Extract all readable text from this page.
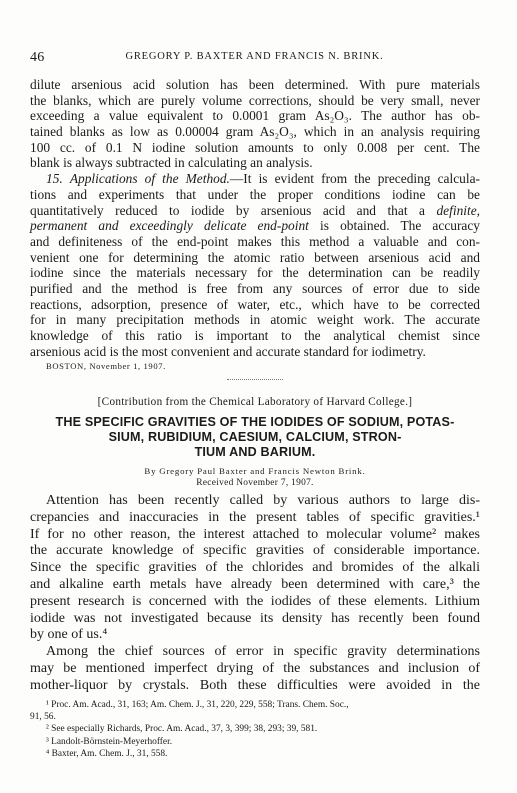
46	GREGORY P. BAXTER AND FRANCIS N. BRINK.
dilute arsenious acid solution has been determined. With pure materials
the blanks, which are purely volume corrections, should be very small, never
exceeding a value equivalent to 0.0001 gram As₂O₃. The author has ob-
tained blanks as low as 0.00004 gram As₂O₃, which in an analysis requiring
100 cc. of 0.1 N iodine solution amounts to only 0.008 per cent. The
blank is always subtracted in calculating an analysis.
15. Applications of the Method.—It is evident from the preceding calcula-
tions and experiments that under the proper conditions iodine can be
quantitatively reduced to iodide by arsenious acid and that a definite,
permanent and exceedingly delicate end-point is obtained. The accuracy
and definiteness of the end-point makes this method a valuable and con-
venient one for determining the atomic ratio between arsenious acid and
iodine since the materials necessary for the determination can be readily
purified and the method is free from any sources of error due to side
reactions, adsorption, presence of water, etc., which have to be corrected
for in many precipitation methods in atomic weight work. The accurate
knowledge of this ratio is important to the analytical chemist since
arsenious acid is the most convenient and accurate standard for iodimetry.
BOSTON, November 1, 1907.
[Contribution from the Chemical Laboratory of Harvard College.]
THE SPECIFIC GRAVITIES OF THE IODIDES OF SODIUM, POTAS-
SIUM, RUBIDIUM, CAESIUM, CALCIUM, STRON-
TIUM AND BARIUM.
By Gregory Paul Baxter and Francis Newton Brink.
Received November 7, 1907.
Attention has been recently called by various authors to large dis-
crepancies and inaccuracies in the present tables of specific gravities.¹
If for no other reason, the interest attached to molecular volume² makes
the accurate knowledge of specific gravities of considerable importance.
Since the specific gravities of the chlorides and bromides of the alkali
and alkaline earth metals have already been determined with care,³ the
present research is concerned with the iodides of these elements. Lithium
iodide was not investigated because its density has recently been found
by one of us.⁴
Among the chief sources of error in specific gravity determinations
may be mentioned imperfect drying of the substances and inclusion of
mother-liquor by crystals. Both these difficulties were avoided in the
¹ Proc. Am. Acad., 31, 163; Am. Chem. J., 31, 220, 229, 558; Trans. Chem. Soc.,
91, 56.
² See especially Richards, Proc. Am. Acad., 37, 3, 399; 38, 293; 39, 581.
³ Landolt-Börnstein-Meyerhoffer.
⁴ Baxter, Am. Chem. J., 31, 558.
